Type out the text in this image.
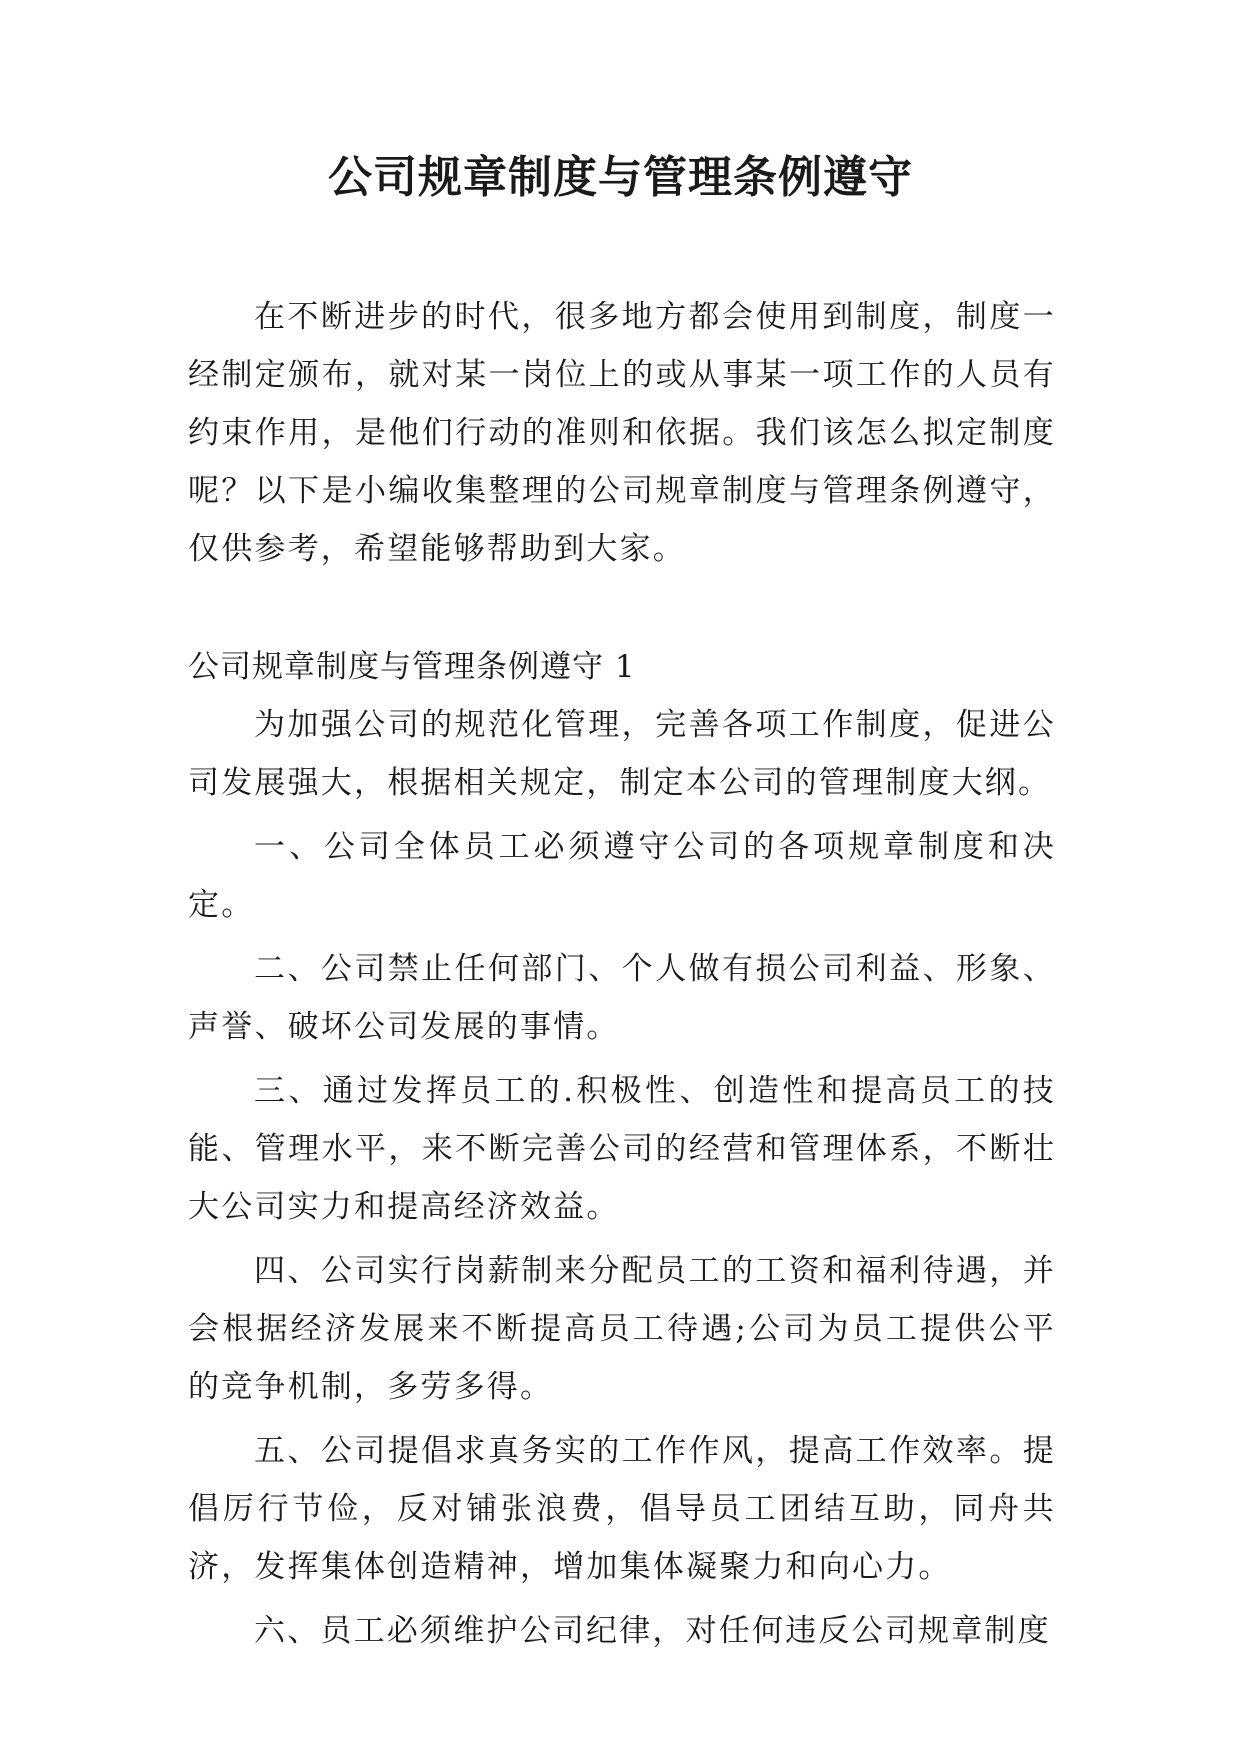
公司规章制度与管理条例遵守

在不断进步的时代，很多地方都会使用到制度，制度一经制定颁布，就对某一岗位上的或从事某一项工作的人员有约束作用，是他们行动的准则和依据。我们该怎么拟定制度呢？以下是小编收集整理的公司规章制度与管理条例遵守，仅供参考，希望能够帮助到大家。

公司规章制度与管理条例遵守 1

为加强公司的规范化管理，完善各项工作制度，促进公司发展强大，根据相关规定，制定本公司的管理制度大纲。

一、公司全体员工必须遵守公司的各项规章制度和决定。

二、公司禁止任何部门、个人做有损公司利益、形象、声誉、破坏公司发展的事情。

三、通过发挥员工的.积极性、创造性和提高员工的技能、管理水平，来不断完善公司的经营和管理体系，不断壮大公司实力和提高经济效益。

四、公司实行岗薪制来分配员工的工资和福利待遇，并会根据经济发展来不断提高员工待遇;公司为员工提供公平的竞争机制，多劳多得。

五、公司提倡求真务实的工作作风，提高工作效率。提倡厉行节俭，反对铺张浪费，倡导员工团结互助，同舟共济，发挥集体创造精神，增加集体凝聚力和向心力。

六、员工必须维护公司纪律，对任何违反公司规章制度
